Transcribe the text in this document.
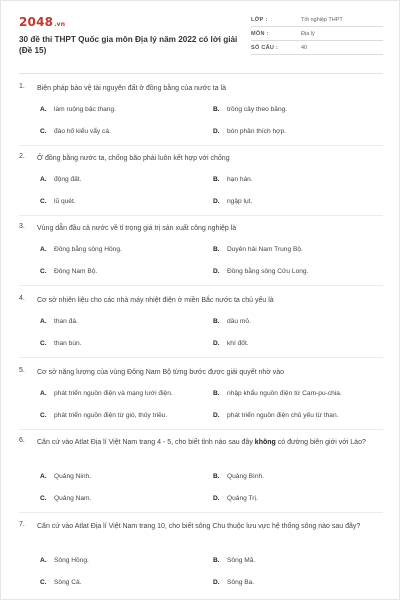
2048.vn
30 đề thi THPT Quốc gia môn Địa lý năm 2022 có lời giải (Đề 15)
LỚP :	Tốt nghiệp THPT
MÔN :	Địa lý
SỐ CÂU :	40
1. Biện pháp bảo vệ tài nguyên đất ở đồng bằng của nước ta là
A. làm ruộng bậc thang.	B. trồng cây theo băng.
C. đào hố kiểu vẩy cá.	D. bón phân thích hợp.
2. Ở đồng bằng nước ta, chống bão phải luôn kết hợp với chống
A. động đất.	B. hạn hán.
C. lũ quét.	D. ngập lụt.
3. Vùng dẫn đầu cả nước về tỉ trọng giá trị sản xuất công nghiệp là
A. Đồng bằng sông Hồng.	B. Duyên hải Nam Trung Bộ.
C. Đông Nam Bộ.	D. Đồng bằng sông Cửu Long.
4. Cơ sở nhiên liệu cho các nhà máy nhiệt điện ở miền Bắc nước ta chủ yếu là
A. than đá.	B. dầu mỏ.
C. than bùn.	D. khí đốt.
5. Cơ sở năng lượng của vùng Đông Nam Bộ từng bước được giải quyết nhờ vào
A. phát triển nguồn điện và mạng lưới điện.	B. nhập khẩu nguồn điện từ Cam-pu-chia.
C. phát triển nguồn điện từ gió, thủy triều.	D. phát triển nguồn điện chủ yếu từ than.
6. Căn cứ vào Atlat Địa lí Việt Nam trang 4 - 5, cho biết tỉnh nào sau đây không có đường biên giới với Lào?
A. Quảng Ninh.	B. Quảng Bình.
C. Quảng Nam.	D. Quảng Trị.
7. Căn cứ vào Atlat Địa lí Việt Nam trang 10, cho biết sông Chu thuộc lưu vực hệ thống sông nào sau đây?
A. Sông Hồng.	B. Sông Mã.
C. Sông Cả.	D. Sông Ba.
